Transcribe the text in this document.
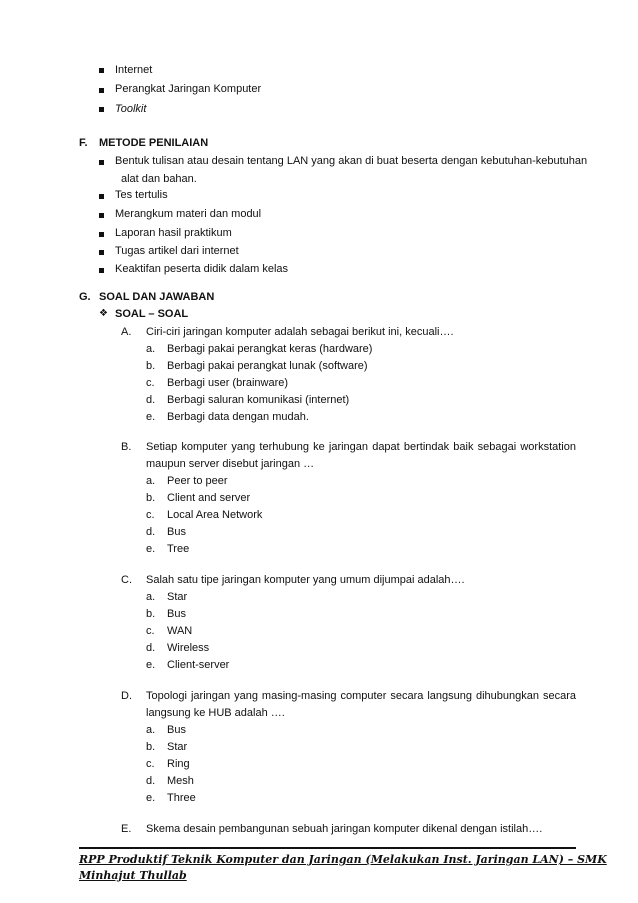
Internet
Perangkat Jaringan Komputer
Toolkit
F. METODE PENILAIAN
Bentuk tulisan atau desain tentang LAN yang akan di buat beserta dengan kebutuhan-kebutuhan
alat dan bahan.
Tes tertulis
Merangkum materi dan modul
Laporan hasil praktikum
Tugas artikel dari internet
Keaktifan peserta didik dalam kelas
G. SOAL DAN JAWABAN
❖ SOAL – SOAL
A. Ciri-ciri jaringan komputer adalah sebagai berikut ini, kecuali….
a. Berbagi pakai perangkat keras (hardware)
b. Berbagi pakai perangkat lunak (software)
c. Berbagi user (brainware)
d. Berbagi saluran komunikasi (internet)
e. Berbagi data dengan mudah.
B. Setiap komputer yang terhubung ke jaringan dapat bertindak baik sebagai workstation
maupun server disebut jaringan …
a. Peer to peer
b. Client and server
c. Local Area Network
d. Bus
e. Tree
C. Salah satu tipe jaringan komputer yang umum dijumpai adalah….
a. Star
b. Bus
c. WAN
d. Wireless
e. Client-server
D. Topologi jaringan yang masing-masing computer secara langsung dihubungkan secara
langsung ke HUB adalah ….
a. Bus
b. Star
c. Ring
d. Mesh
e. Three
E. Skema desain pembangunan sebuah jaringan komputer dikenal dengan istilah….
RPP Produktif Teknik Komputer dan Jaringan (Melakukan Inst. Jaringan LAN) – SMK
Minhajut Thullab
